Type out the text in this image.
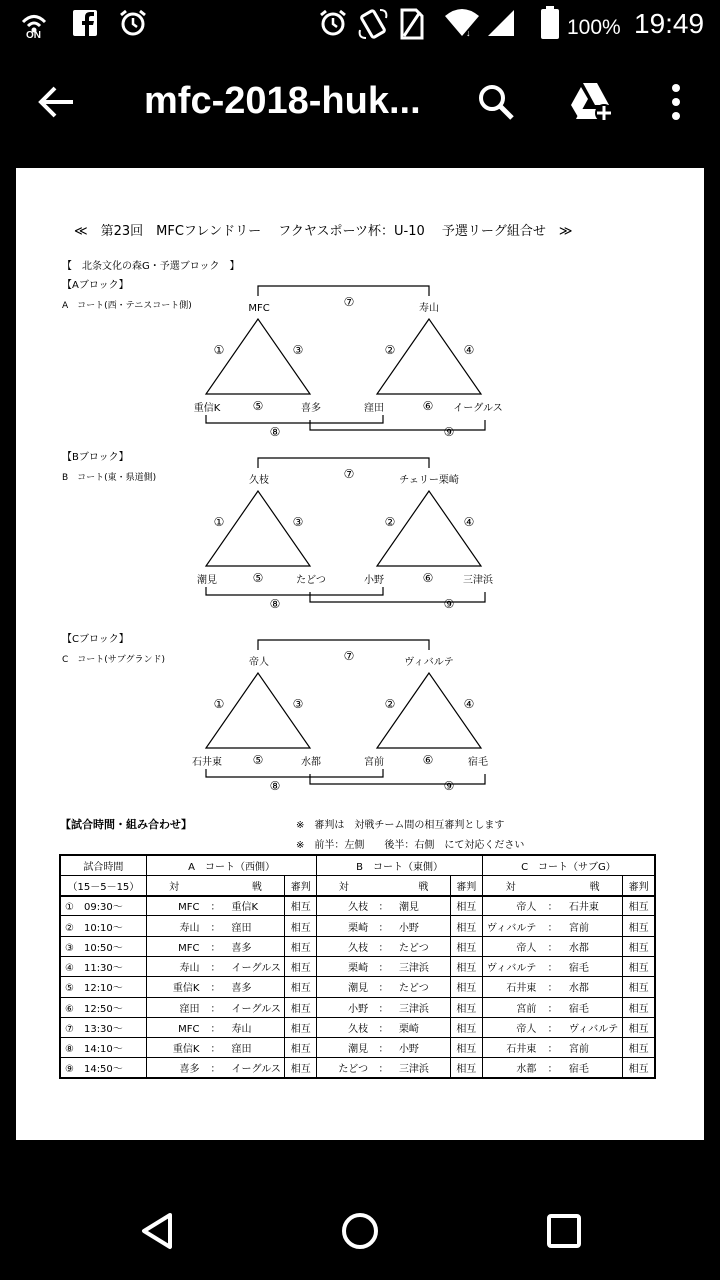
ON	↓	100% 19:49
mfc-2018-huk...
≪　第23回　MFCフレンドリー　 フクヤスポーツ杯：U-10　 予選リーグ組合せ　≫
【　北条文化の森G・予選ブロック　】
【Aブロック】
A　コート(西・テニスコート側)	MFC
重信K	喜多
①	③
⑤
寿山
窪田	イーグルス
②	④
⑥
⑦
⑧	⑨
【Bブロック】
B　コート(東・県道側)	久枝
潮見	たどつ
①	③
⑤
チェリー栗崎
小野	三津浜
②	④
⑥
⑦
⑧	⑨
【Cブロック】
C　コート(サブグランド)	帝人
石井東	水都
①	③
⑤
ヴィバルテ
宮前	宿毛
②	④
⑥
⑦
⑧	⑨
【試合時間・組み合わせ】	※　審判は　対戦チーム間の相互審判とします
※　前半：左側　　後半：右側　にて対応ください
試合時間	A　コート（西側）		B　コート（東側）		C　コート（サブG）	
（15－5－15）	対 戦	審判	対 戦	審判	対 戦	審判
①　09:30～	MFC ： 重信K	相互	久枝 ： 潮見	相互	帝人 ： 石井東	相互
②　10:10～	寿山 ： 窪田	相互	栗崎 ： 小野	相互	ヴィバルテ ： 宮前	相互
③　10:50～	MFC ： 喜多	相互	久枝 ： たどつ	相互	帝人 ： 水都	相互
④　11:30～	寿山 ： イーグルス	相互	栗崎 ： 三津浜	相互	ヴィバルテ ： 宿毛	相互
⑤　12:10～	重信K ： 喜多	相互	潮見 ： たどつ	相互	石井東 ： 水都	相互
⑥　12:50～	窪田 ： イーグルス	相互	小野 ： 三津浜	相互	宮前 ： 宿毛	相互
⑦　13:30～	MFC ： 寿山	相互	久枝 ： 栗崎	相互	帝人 ： ヴィバルテ	相互
⑧　14:10～	重信K ： 窪田	相互	潮見 ： 小野	相互	石井東 ： 宮前	相互
⑨　14:50～	喜多 ： イーグルス	相互	たどつ ： 三津浜	相互	水都 ： 宿毛	相互
